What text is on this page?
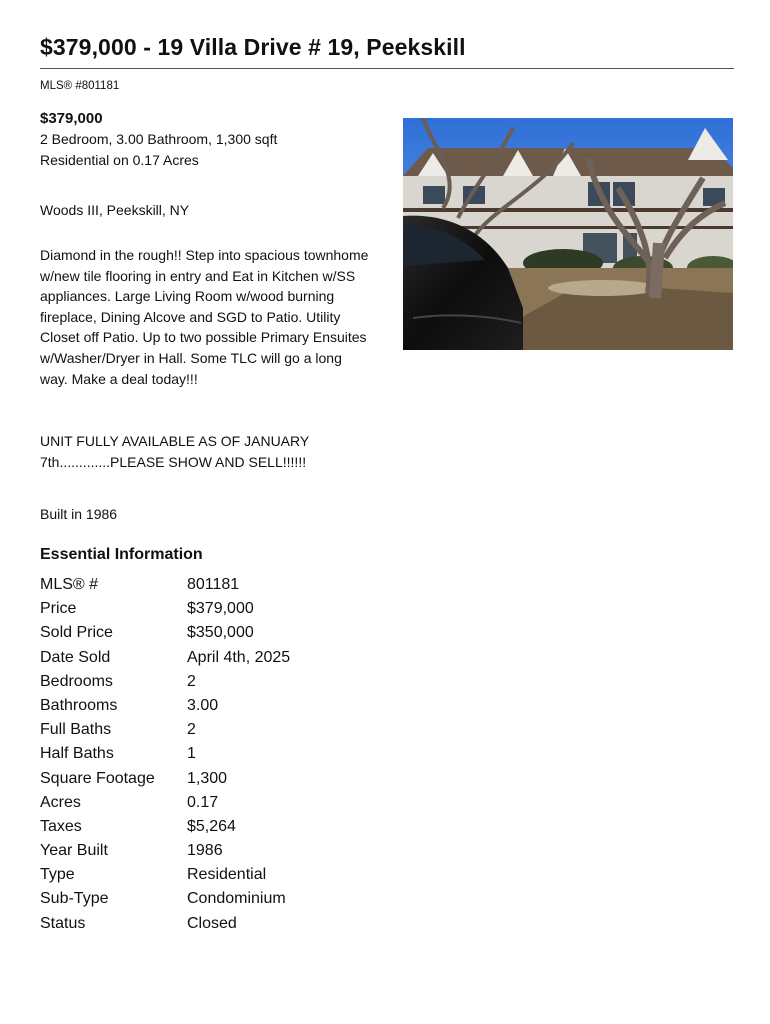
$379,000 - 19 Villa Drive # 19, Peekskill
MLS® #801181
$379,000
2 Bedroom, 3.00 Bathroom, 1,300 sqft
Residential on 0.17 Acres
Woods III, Peekskill, NY
Diamond in the rough!! Step into spacious townhome w/new tile flooring in entry and Eat in Kitchen w/SS appliances. Large Living Room w/wood burning fireplace, Dining Alcove and SGD to Patio. Utility Closet off Patio. Up to two possible Primary Ensuites w/Washer/Dryer in Hall. Some TLC will go a long way. Make a deal today!!!
UNIT FULLY AVAILABLE AS OF JANUARY 7th.............PLEASE SHOW AND SELL!!!!!!
Built in 1986
Essential Information
MLS® #	801181
Price	$379,000
Sold Price	$350,000
Date Sold	April 4th, 2025
Bedrooms	2
Bathrooms	3.00
Full Baths	2
Half Baths	1
Square Footage	1,300
Acres	0.17
Taxes	$5,264
Year Built	1986
Type	Residential
Sub-Type	Condominium
Status	Closed
